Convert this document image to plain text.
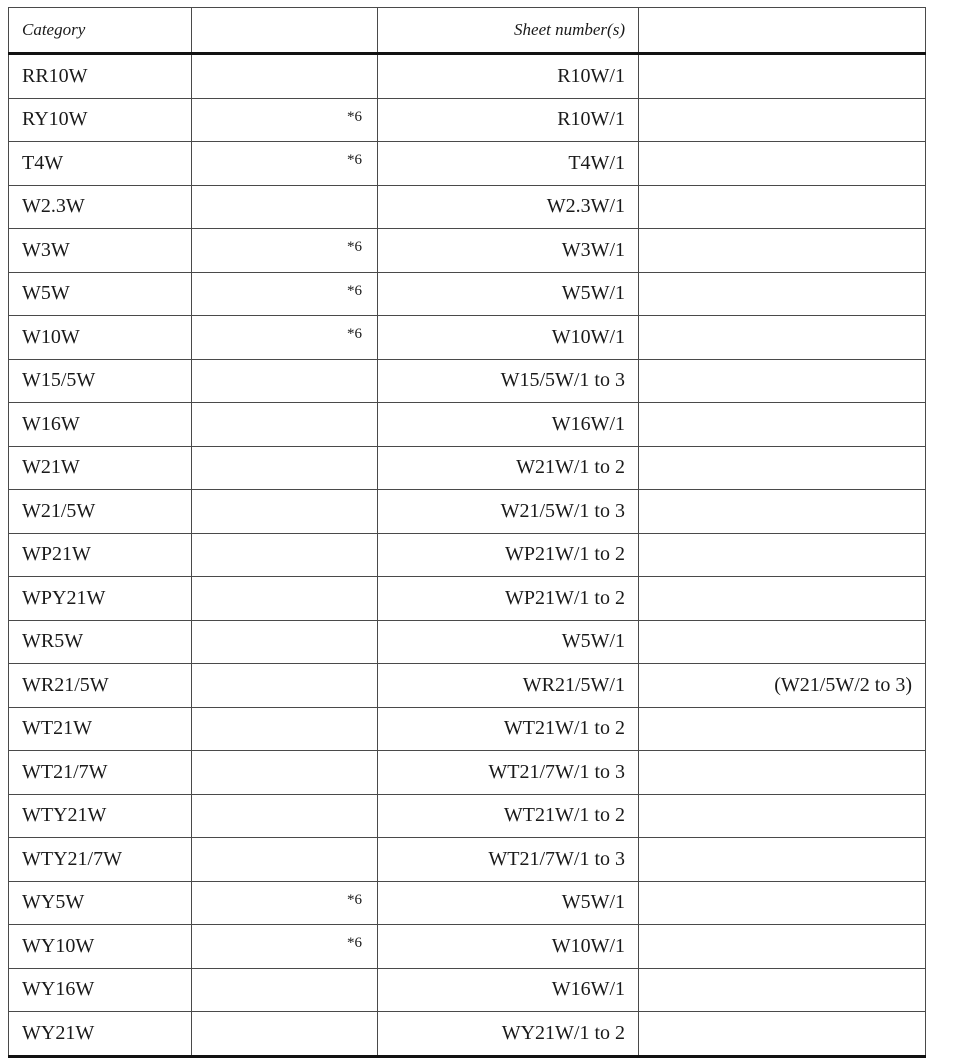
Category		Sheet number(s)	
RR10W		R10W/1	
RY10W	*6	R10W/1	
T4W	*6	T4W/1	
W2.3W		W2.3W/1	
W3W	*6	W3W/1	
W5W	*6	W5W/1	
W10W	*6	W10W/1	
W15/5W		W15/5W/1 to 3	
W16W		W16W/1	
W21W		W21W/1 to 2	
W21/5W		W21/5W/1 to 3	
WP21W		WP21W/1 to 2	
WPY21W		WP21W/1 to 2	
WR5W		W5W/1	
WR21/5W		WR21/5W/1	(W21/5W/2 to 3)
WT21W		WT21W/1 to 2	
WT21/7W		WT21/7W/1 to 3	
WTY21W		WT21W/1 to 2	
WTY21/7W		WT21/7W/1 to 3	
WY5W	*6	W5W/1	
WY10W	*6	W10W/1	
WY16W		W16W/1	
WY21W		WY21W/1 to 2	
